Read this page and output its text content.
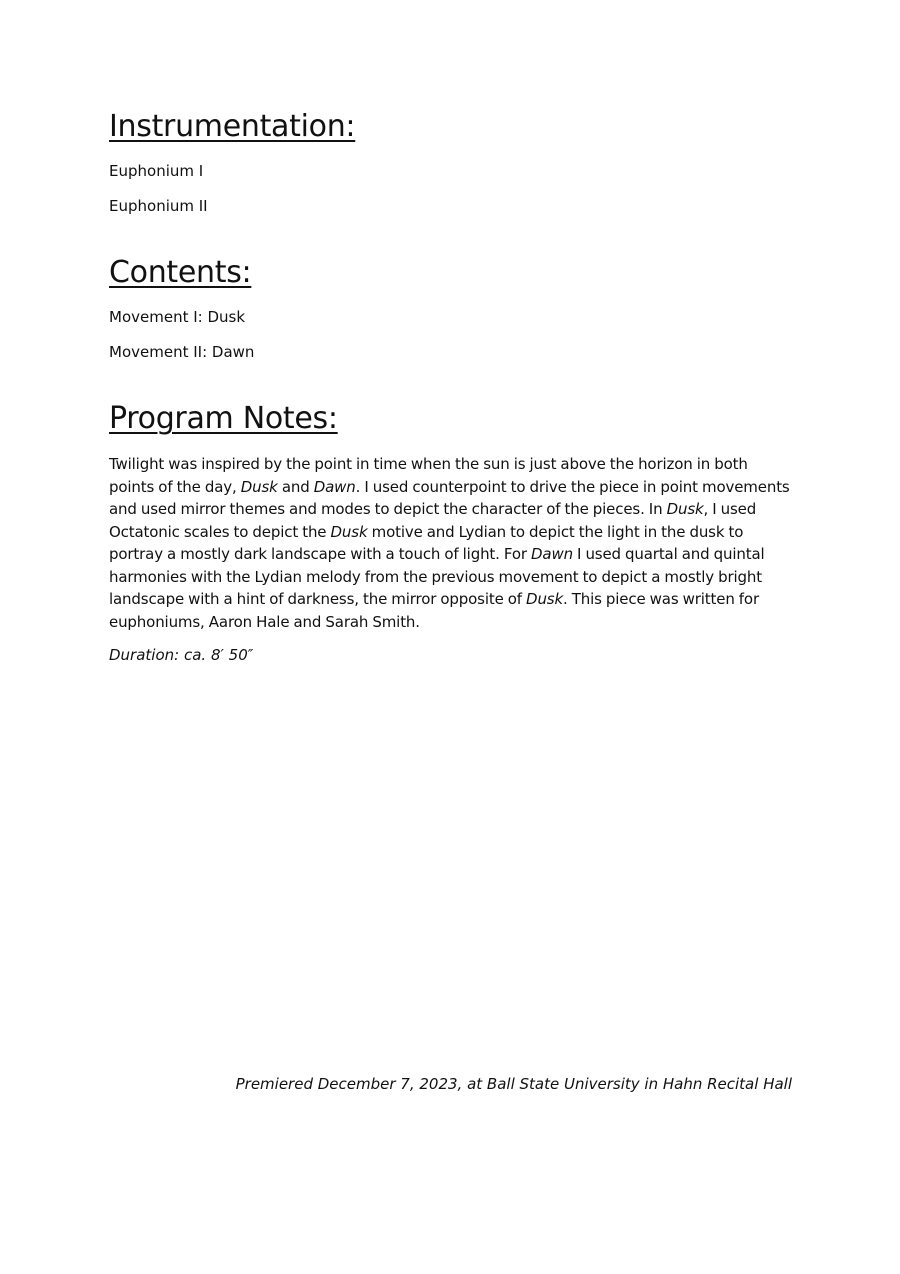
Instrumentation:

Euphonium I

Euphonium II

Contents:

Movement I: Dusk

Movement II: Dawn

Program Notes:

Twilight was inspired by the point in time when the sun is just above the horizon in both points of the day, Dusk and Dawn. I used counterpoint to drive the piece in point movements and used mirror themes and modes to depict the character of the pieces. In Dusk, I used Octatonic scales to depict the Dusk motive and Lydian to depict the light in the dusk to portray a mostly dark landscape with a touch of light. For Dawn I used quartal and quintal harmonies with the Lydian melody from the previous movement to depict a mostly bright landscape with a hint of darkness, the mirror opposite of Dusk. This piece was written for euphoniums, Aaron Hale and Sarah Smith.

Duration: ca. 8′ 50″

Premiered December 7, 2023, at Ball State University in Hahn Recital Hall
